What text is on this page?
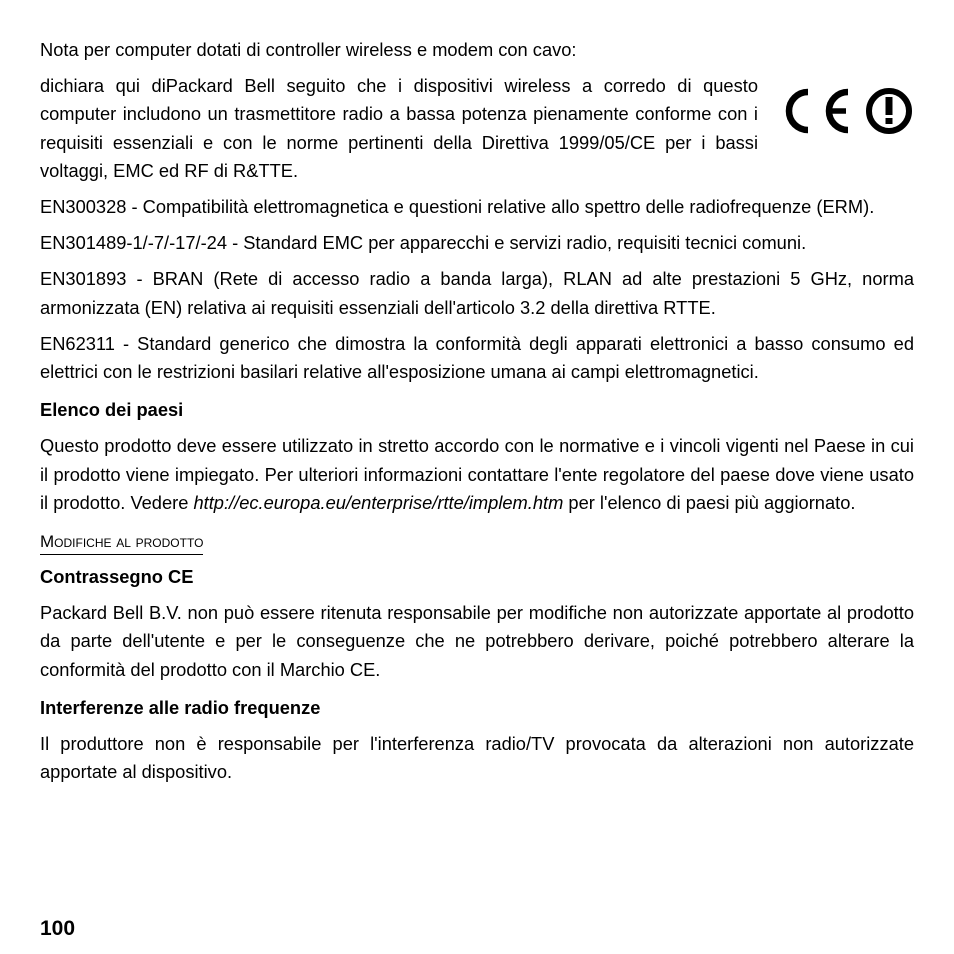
Nota per computer dotati di controller wireless e modem con cavo:

dichiara qui diPackard Bell seguito che i dispositivi wireless a corredo di questo computer includono un trasmettitore radio a bassa potenza pienamente conforme con i requisiti essenziali e con le norme pertinenti della Direttiva 1999/05/CE per i bassi voltaggi, EMC ed RF di R&TTE.

EN300328 - Compatibilità elettromagnetica e questioni relative allo spettro delle radiofrequenze (ERM).

EN301489-1/-7/-17/-24 - Standard EMC per apparecchi e servizi radio, requisiti tecnici comuni.

EN301893 - BRAN (Rete di accesso radio a banda larga), RLAN ad alte prestazioni 5 GHz, norma armonizzata (EN) relativa ai requisiti essenziali dell'articolo 3.2 della direttiva RTTE.

EN62311 - Standard generico che dimostra la conformità degli apparati elettronici a basso consumo ed elettrici con le restrizioni basilari relative all'esposizione umana ai campi elettromagnetici.

Elenco dei paesi

Questo prodotto deve essere utilizzato in stretto accordo con le normative e i vincoli vigenti nel Paese in cui il prodotto viene impiegato. Per ulteriori informazioni contattare l'ente regolatore del paese dove viene usato il prodotto. Vedere http://ec.europa.eu/enterprise/rtte/implem.htm per l'elenco di paesi più aggiornato.

Modifiche al prodotto
Contrassegno CE

Packard Bell B.V. non può essere ritenuta responsabile per modifiche non autorizzate apportate al prodotto da parte dell'utente e per le conseguenze che ne potrebbero derivare, poiché potrebbero alterare la conformità del prodotto con il Marchio CE.

Interferenze alle radio frequenze

Il produttore non è responsabile per l'interferenza radio/TV provocata da alterazioni non autorizzate apportate al dispositivo.

100
